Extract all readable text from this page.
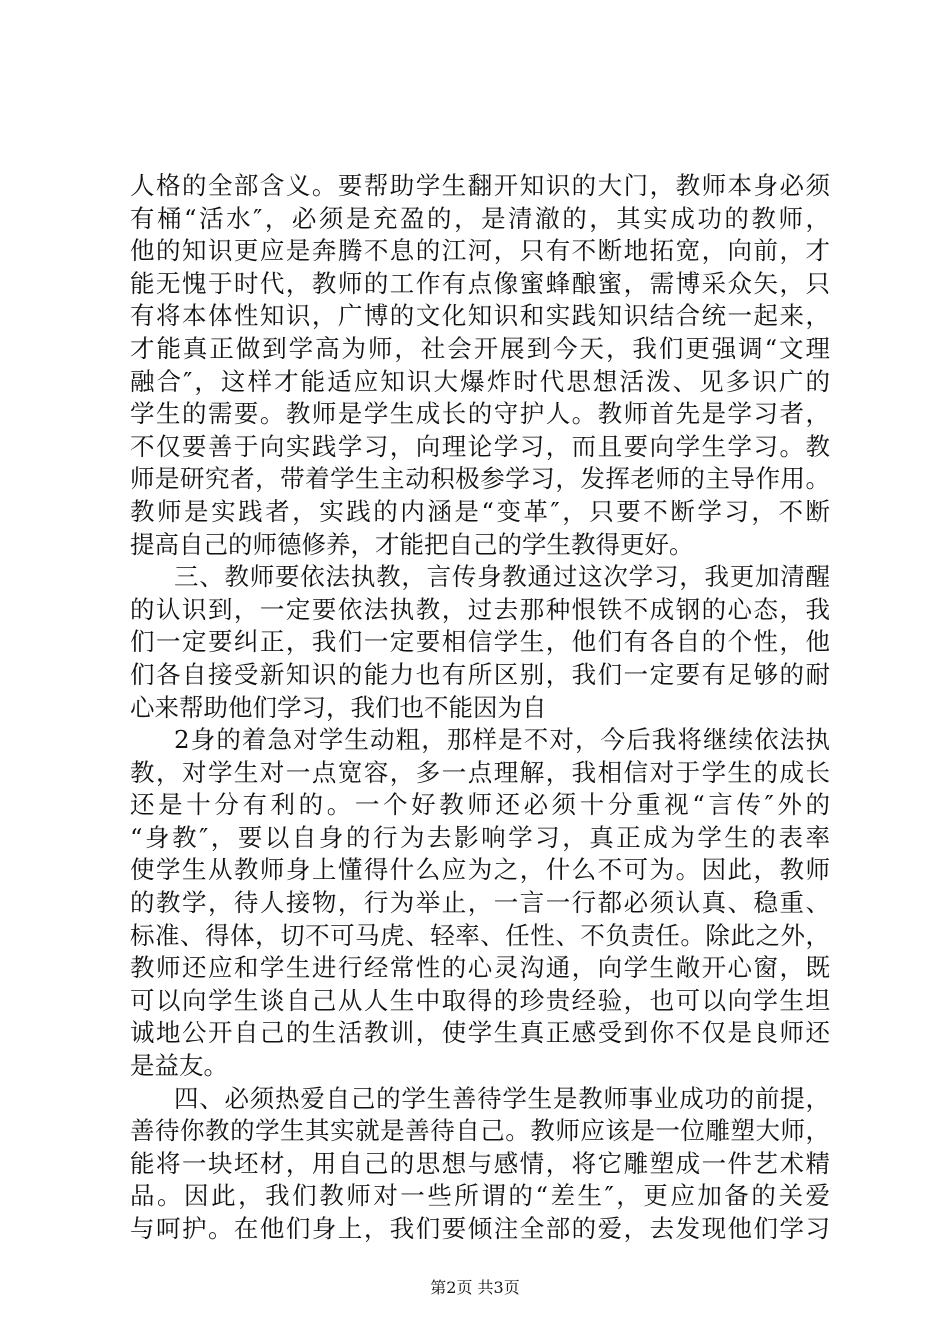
人格的全部含义。要帮助学生翻开知识的大门，教师本身必须
有桶“活水″，必须是充盈的，是清澈的，其实成功的教师，
他的知识更应是奔腾不息的江河，只有不断地拓宽，向前，才
能无愧于时代，教师的工作有点像蜜蜂酿蜜，需博采众矢，只
有将本体性知识，广博的文化知识和实践知识结合统一起来，
才能真正做到学高为师，社会开展到今天，我们更强调“文理
融合″，这样才能适应知识大爆炸时代思想活泼、见多识广的
学生的需要。教师是学生成长的守护人。教师首先是学习者，
不仅要善于向实践学习，向理论学习，而且要向学生学习。教
师是研究者，带着学生主动积极参学习，发挥老师的主导作用。
教师是实践者，实践的内涵是“变革″，只要不断学习，不断
提高自己的师德修养，才能把自己的学生教得更好。
三、教师要依法执教，言传身教通过这次学习，我更加清醒
的认识到，一定要依法执教，过去那种恨铁不成钢的心态，我
们一定要纠正，我们一定要相信学生，他们有各自的个性，他
们各自接受新知识的能力也有所区别，我们一定要有足够的耐
心来帮助他们学习，我们也不能因为自
2身的着急对学生动粗，那样是不对，今后我将继续依法执
教，对学生对一点宽容，多一点理解，我相信对于学生的成长
还是十分有利的。一个好教师还必须十分重视“言传″外的
“身教″，要以自身的行为去影响学习，真正成为学生的表率
使学生从教师身上懂得什么应为之，什么不可为。因此，教师
的教学，待人接物，行为举止，一言一行都必须认真、稳重、
标准、得体，切不可马虎、轻率、任性、不负责任。除此之外，
教师还应和学生进行经常性的心灵沟通，向学生敞开心窗，既
可以向学生谈自己从人生中取得的珍贵经验，也可以向学生坦
诚地公开自己的生活教训，使学生真正感受到你不仅是良师还
是益友。
四、必须热爱自己的学生善待学生是教师事业成功的前提，
善待你教的学生其实就是善待自己。教师应该是一位雕塑大师，
能将一块坯材，用自己的思想与感情，将它雕塑成一件艺术精
品。因此，我们教师对一些所谓的“差生″，更应加备的关爱
与呵护。在他们身上，我们要倾注全部的爱，去发现他们学习
第2页 共3页
